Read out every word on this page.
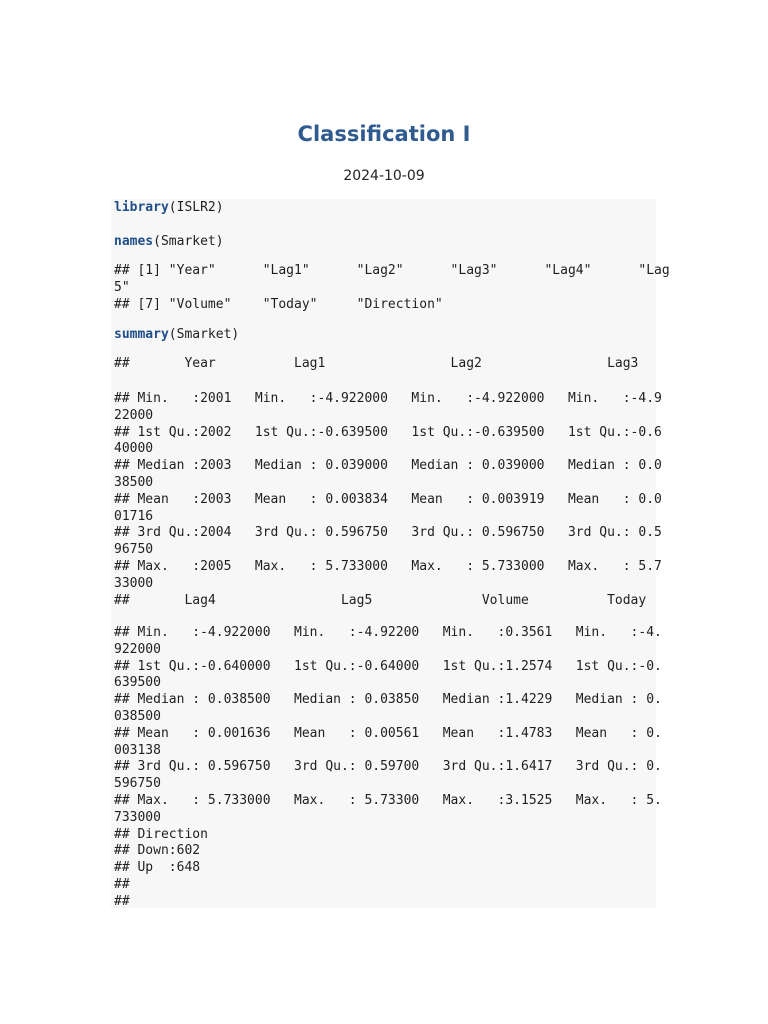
Classification I
2024-10-09
library(ISLR2)
names(Smarket)
## [1] "Year"      "Lag1"      "Lag2"      "Lag3"      "Lag4"      "Lag
5"
## [7] "Volume"    "Today"     "Direction"
summary(Smarket)
##       Year          Lag1                Lag2                Lag3
## Min.   :2001   Min.   :-4.922000   Min.   :-4.922000   Min.   :-4.9
22000
## 1st Qu.:2002   1st Qu.:-0.639500   1st Qu.:-0.639500   1st Qu.:-0.6
40000
## Median :2003   Median : 0.039000   Median : 0.039000   Median : 0.0
38500
## Mean   :2003   Mean   : 0.003834   Mean   : 0.003919   Mean   : 0.0
01716
## 3rd Qu.:2004   3rd Qu.: 0.596750   3rd Qu.: 0.596750   3rd Qu.: 0.5
96750
## Max.   :2005   Max.   : 5.733000   Max.   : 5.733000   Max.   : 5.7
33000
##       Lag4                Lag5              Volume          Today
## Min.   :-4.922000   Min.   :-4.92200   Min.   :0.3561   Min.   :-4.
922000
## 1st Qu.:-0.640000   1st Qu.:-0.64000   1st Qu.:1.2574   1st Qu.:-0.
639500
## Median : 0.038500   Median : 0.03850   Median :1.4229   Median : 0.
038500
## Mean   : 0.001636   Mean   : 0.00561   Mean   :1.4783   Mean   : 0.
003138
## 3rd Qu.: 0.596750   3rd Qu.: 0.59700   3rd Qu.:1.6417   3rd Qu.: 0.
596750
## Max.   : 5.733000   Max.   : 5.73300   Max.   :3.1525   Max.   : 5.
733000
## Direction
## Down:602
## Up  :648
##
##
